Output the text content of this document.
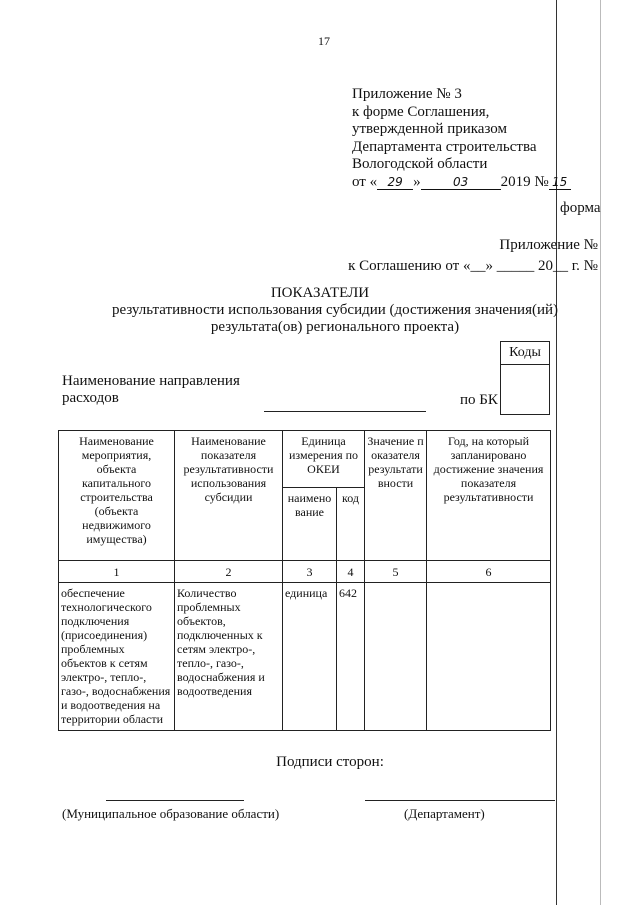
17
Приложение № 3
к форме Соглашения,
утвержденной приказом
Департамента строительства
Вологодской области
от « 29 »	03 2019 № 15
форма
Приложение №
к Соглашению от «__» _____ 20__ г. №
ПОКАЗАТЕЛИ
результативности использования субсидии (достижения значения(ий) результата(ов) регионального проекта)
Коды
Наименование направления
расходов	по БК
Наименование мероприятия, объекта капитального строительства (объекта недвижимого имущества)	Наименование показателя результативности использования субсидии	Единица измерения по ОКЕИ		Значение показателя результативности	Год, на который запланировано достижение значения показателя результативности
		наименование	код		
1	2	3	4	5	6
обеспечение технологического подключения (присоединения) проблемных объектов к сетям электро-, тепло-, газо-, водоснабжения и водоотведения на территории области	Количество проблемных объектов, подключенных к сетям электро-, тепло-, газо-, водоснабжения и водоотведения	единица	642		
Подписи сторон:
(Муниципальное образование области)	(Департамент)
